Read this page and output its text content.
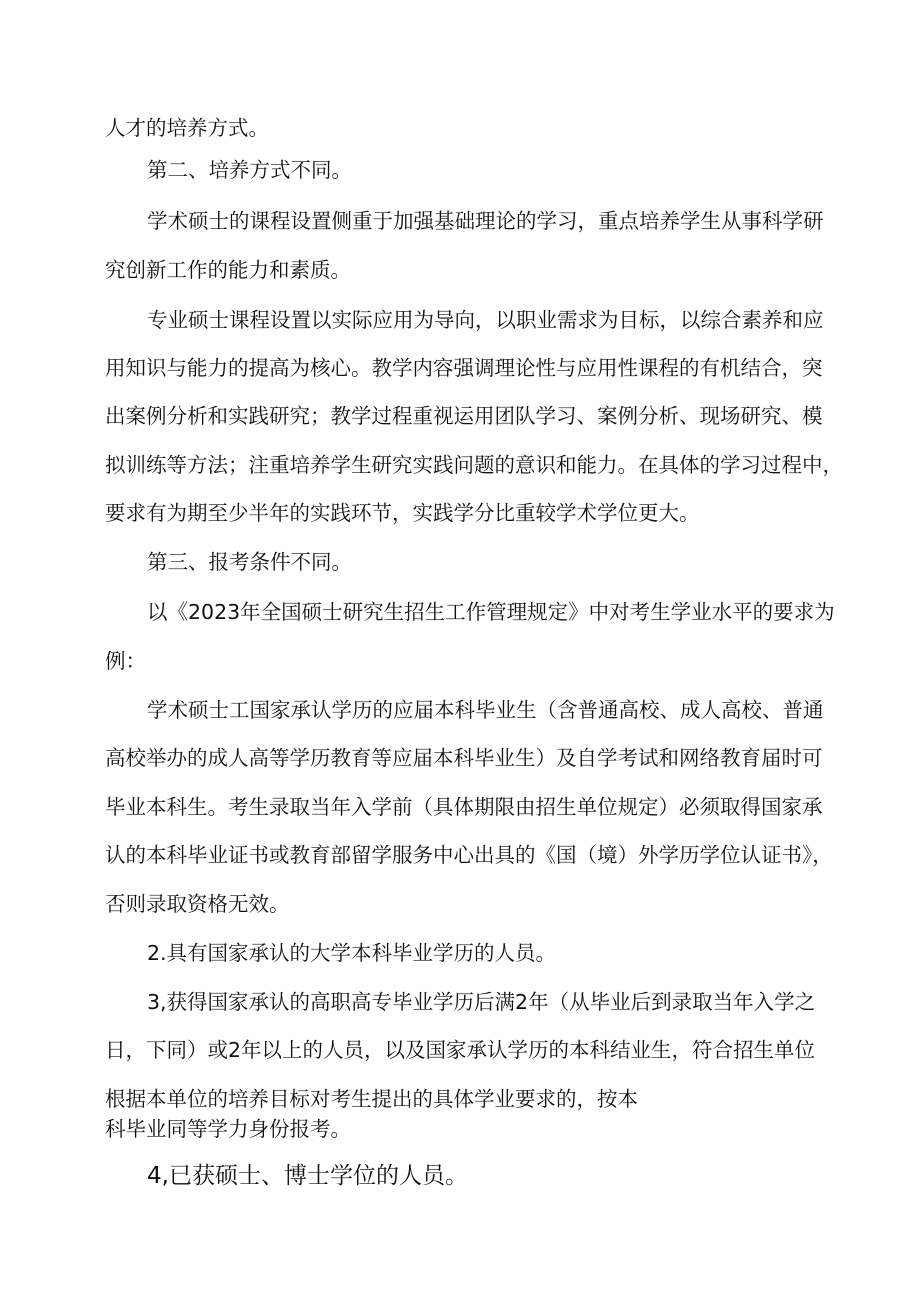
人才的培养方式。

第二、培养方式不同。

学术硕士的课程设置侧重于加强基础理论的学习，重点培养学生从事科学研

究创新工作的能力和素质。

专业硕士课程设置以实际应用为导向，以职业需求为目标，以综合素养和应

用知识与能力的提高为核心。教学内容强调理论性与应用性课程的有机结合，突

出案例分析和实践研究；教学过程重视运用团队学习、案例分析、现场研究、模

拟训练等方法；注重培养学生研究实践问题的意识和能力。在具体的学习过程中，

要求有为期至少半年的实践环节，实践学分比重较学术学位更大。

第三、报考条件不同。

以《2023年全国硕士研究生招生工作管理规定》中对考生学业水平的要求为

例：

学术硕士工国家承认学历的应届本科毕业生（含普通高校、成人高校、普通

高校举办的成人高等学历教育等应届本科毕业生）及自学考试和网络教育届时可

毕业本科生。考生录取当年入学前（具体期限由招生单位规定）必须取得国家承

认的本科毕业证书或教育部留学服务中心出具的《国（境）外学历学位认证书》，

否则录取资格无效。

2.具有国家承认的大学本科毕业学历的人员。

3,获得国家承认的高职高专毕业学历后满2年（从毕业后到录取当年入学之

日，下同）或2年以上的人员，以及国家承认学历的本科结业生，符合招生单位

根据本单位的培养目标对考生提出的具体学业要求的，按本

科毕业同等学力身份报考。

4,已获硕士、博士学位的人员。
